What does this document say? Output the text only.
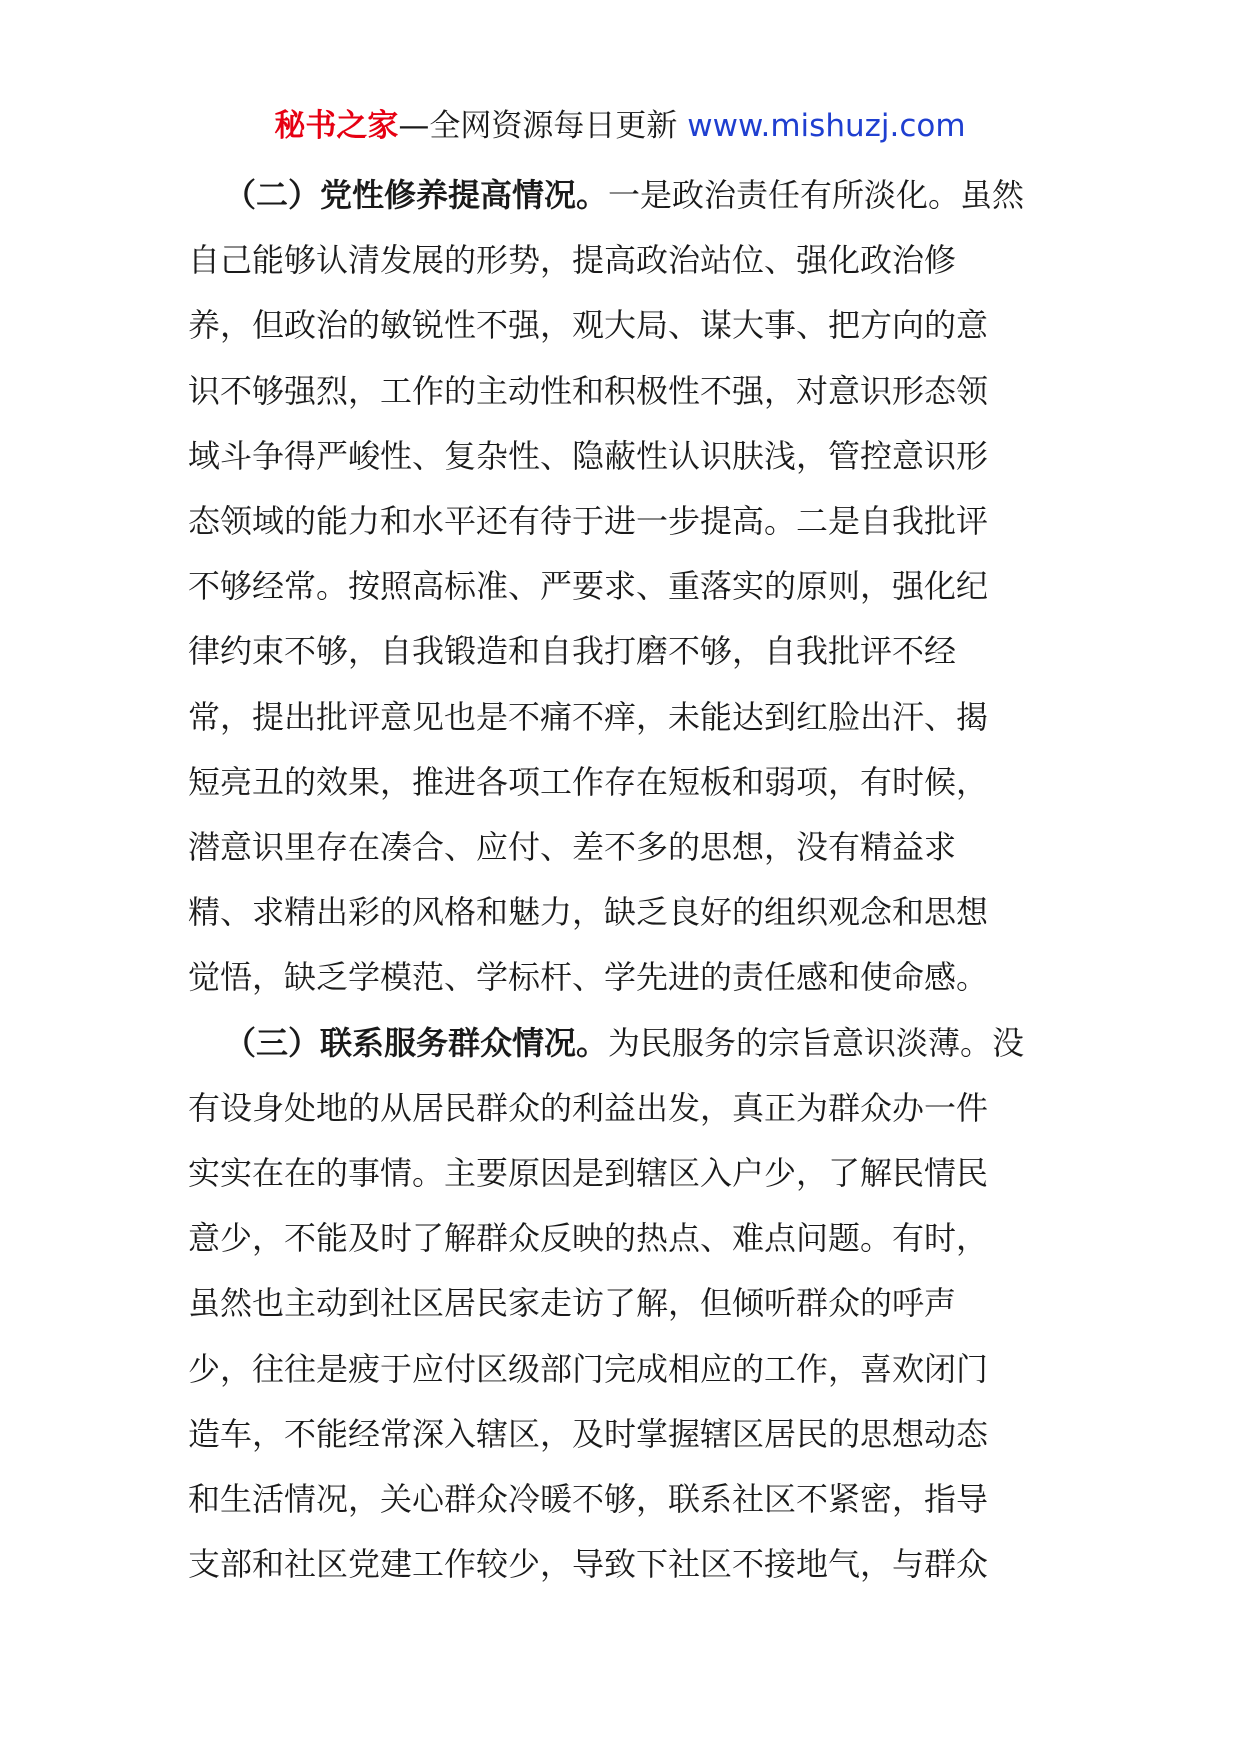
秘书之家—全网资源每日更新 www.mishuzj.com
（二）党性修养提高情况。一是政治责任有所淡化。虽然
自己能够认清发展的形势，提高政治站位、强化政治修
养，但政治的敏锐性不强，观大局、谋大事、把方向的意
识不够强烈，工作的主动性和积极性不强，对意识形态领
域斗争得严峻性、复杂性、隐蔽性认识肤浅，管控意识形
态领域的能力和水平还有待于进一步提高。二是自我批评
不够经常。按照高标准、严要求、重落实的原则，强化纪
律约束不够，自我锻造和自我打磨不够，自我批评不经
常，提出批评意见也是不痛不痒，未能达到红脸出汗、揭
短亮丑的效果，推进各项工作存在短板和弱项，有时候，
潜意识里存在凑合、应付、差不多的思想，没有精益求
精、求精出彩的风格和魅力，缺乏良好的组织观念和思想
觉悟，缺乏学模范、学标杆、学先进的责任感和使命感。
（三）联系服务群众情况。为民服务的宗旨意识淡薄。没
有设身处地的从居民群众的利益出发，真正为群众办一件
实实在在的事情。主要原因是到辖区入户少，了解民情民
意少，不能及时了解群众反映的热点、难点问题。有时，
虽然也主动到社区居民家走访了解，但倾听群众的呼声
少，往往是疲于应付区级部门完成相应的工作，喜欢闭门
造车，不能经常深入辖区，及时掌握辖区居民的思想动态
和生活情况，关心群众冷暖不够，联系社区不紧密，指导
支部和社区党建工作较少，导致下社区不接地气，与群众
